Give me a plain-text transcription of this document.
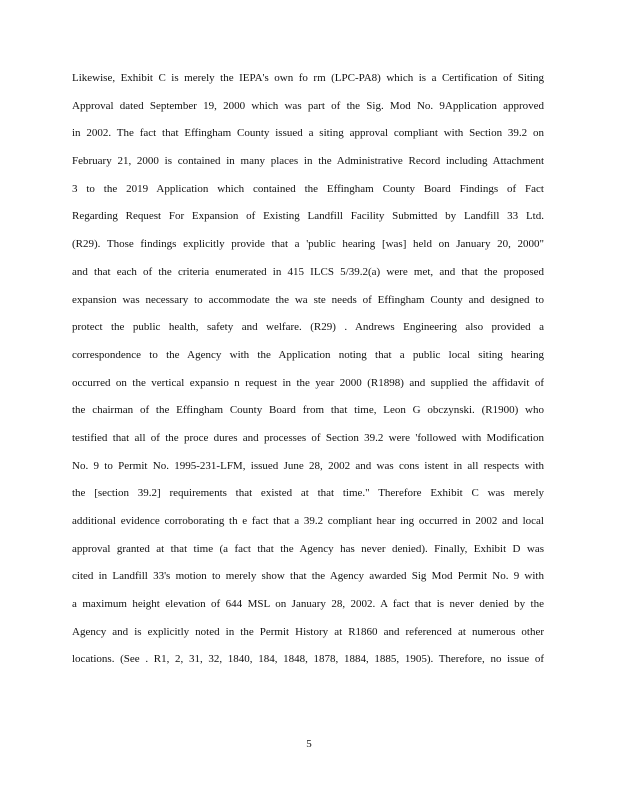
Likewise, Exhibit C is merely the IEPA's own fo rm (LPC-PA8) which is a Certification of Siting
Approval dated September 19, 2000 which was part of the Sig. Mod No. 9Application approved
in 2002. The fact that Effingham County issued a siting approval compliant with Section 39.2 on
February 21, 2000 is contained in many places in the Administrative Record including Attachment
3 to the 2019 Application which contained the Effingham County Board Findings of Fact
Regarding Request For Expansion of Existing Landfill Facility Submitted by Landfill 33 Ltd.
(R29). Those findings explicitly provide that a 'public hearing [was] held on January 20, 2000"
and that each of the criteria enumerated in 415 ILCS 5/39.2(a) were met, and that the proposed
expansion was necessary to accommodate the wa ste needs of Effingham County and designed to
protect the public health, safety and welfare. (R29) . Andrews Engineering also provided a
correspondence to the Agency with the Application noting that a public local siting hearing
occurred on the vertical expansio n request in the year 2000 (R1898) and supplied the affidavit of
the chairman of the Effingham County Board from that time, Leon G obczynski. (R1900) who
testified that all of the proce dures and processes of Section 39.2 were 'followed with Modification
No. 9 to Permit No. 1995-231-LFM, issued June 28, 2002 and was cons istent in all respects with
the [section 39.2] requirements that existed at that time." Therefore Exhibit C was merely
additional evidence corroborating th e fact that a 39.2 compliant hear ing occurred in 2002 and local
approval granted at that time (a fact that the Agency has never denied). Finally, Exhibit D was
cited in Landfill 33's motion to merely show that the Agency awarded Sig Mod Permit No. 9 with
a maximum height elevation of 644 MSL on January 28, 2002. A fact that is never denied by the
Agency and is explicitly noted in the Permit History at R1860 and referenced at numerous other
locations. (See . R1, 2, 31, 32, 1840, 184, 1848, 1878, 1884, 1885, 1905). Therefore, no issue of
5
